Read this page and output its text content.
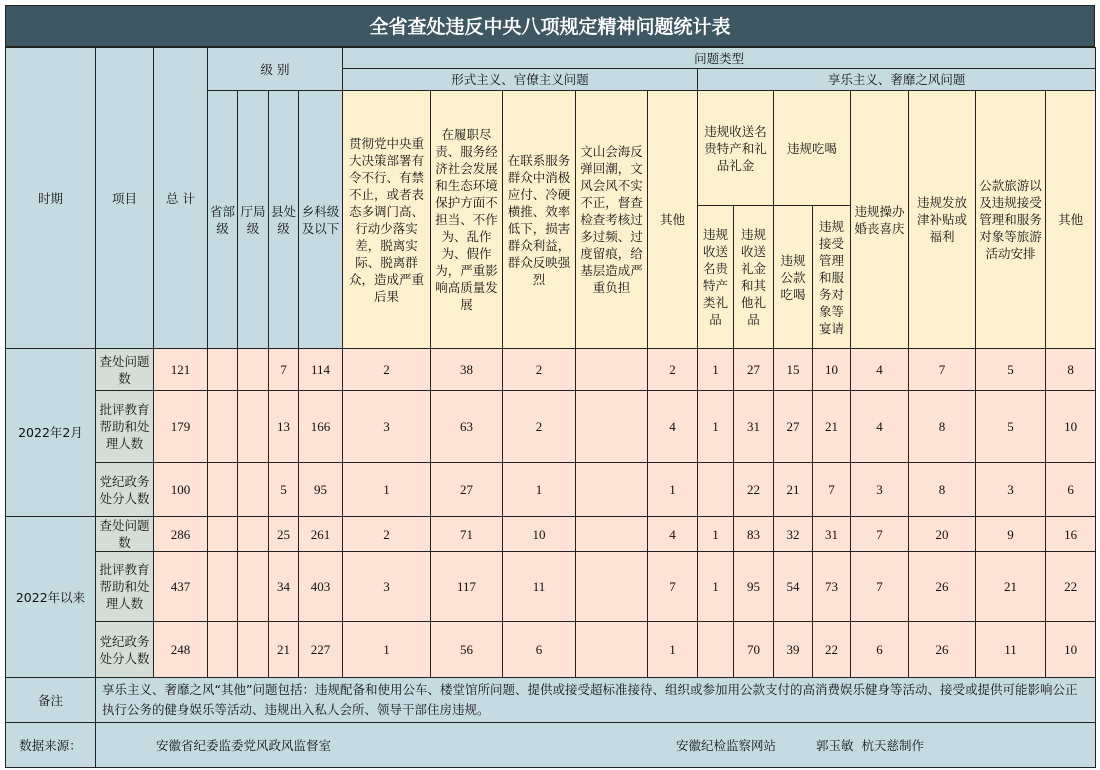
全省查处违反中央八项规定精神问题统计表
时期	项目	总 计	级 别				问题类型												
							形式主义、官僚主义问题					享乐主义、奢靡之风问题							
			省部级	厅局级	县处级	乡科级及以下	贯彻党中央重大决策部署有令不行、有禁不止，或者表态多调门高、行动少落实差，脱离实际、脱离群众，造成严重后果	在履职尽责、服务经济社会发展和生态环境保护方面不担当、不作为、乱作为、假作为，严重影响高质量发展	在联系服务群众中消极应付、冷硬横推、效率低下，损害群众利益，群众反映强烈	文山会海反弹回潮，文风会风不实不正，督查检查考核过多过频、过度留痕，给基层造成严重负担	其他	违规收送名贵特产和礼品礼金		违规吃喝		违规操办婚丧喜庆	违规发放津补贴或福利	公款旅游以及违规接受管理和服务对象等旅游活动安排	其他
												违规收送名贵特产类礼品	违规收送礼金和其他礼品	违规公款吃喝	违规接受管理和服务对象等宴请				
2022年2月	查处问题数	121			7	114	2	38	2		2	1	27	15	10	4	7	5	8
	批评教育帮助和处理人数	179			13	166	3	63	2		4	1	31	27	21	4	8	5	10
	党纪政务处分人数	100			5	95	1	27	1		1		22	21	7	3	8	3	6
2022年以来	查处问题数	286			25	261	2	71	10		4	1	83	32	31	7	20	9	16
	批评教育帮助和处理人数	437			34	403	3	117	11		7	1	95	54	73	7	26	21	22
	党纪政务处分人数	248			21	227	1	56	6		1		70	39	22	6	26	11	10
备注	享乐主义、奢靡之风“其他”问题包括：违规配备和使用公车、楼堂馆所问题、提供或接受超标准接待、组织或参加用公款支付的高消费娱乐健身等活动、接受或提供可能影响公正执行公务的健身娱乐等活动、违规出入私人会所、领导干部住房违规。																		
数据来源：	安徽省纪委监委党风政风监督室 安徽纪检监察网站 郭玉敏  杭天慈制作																		
